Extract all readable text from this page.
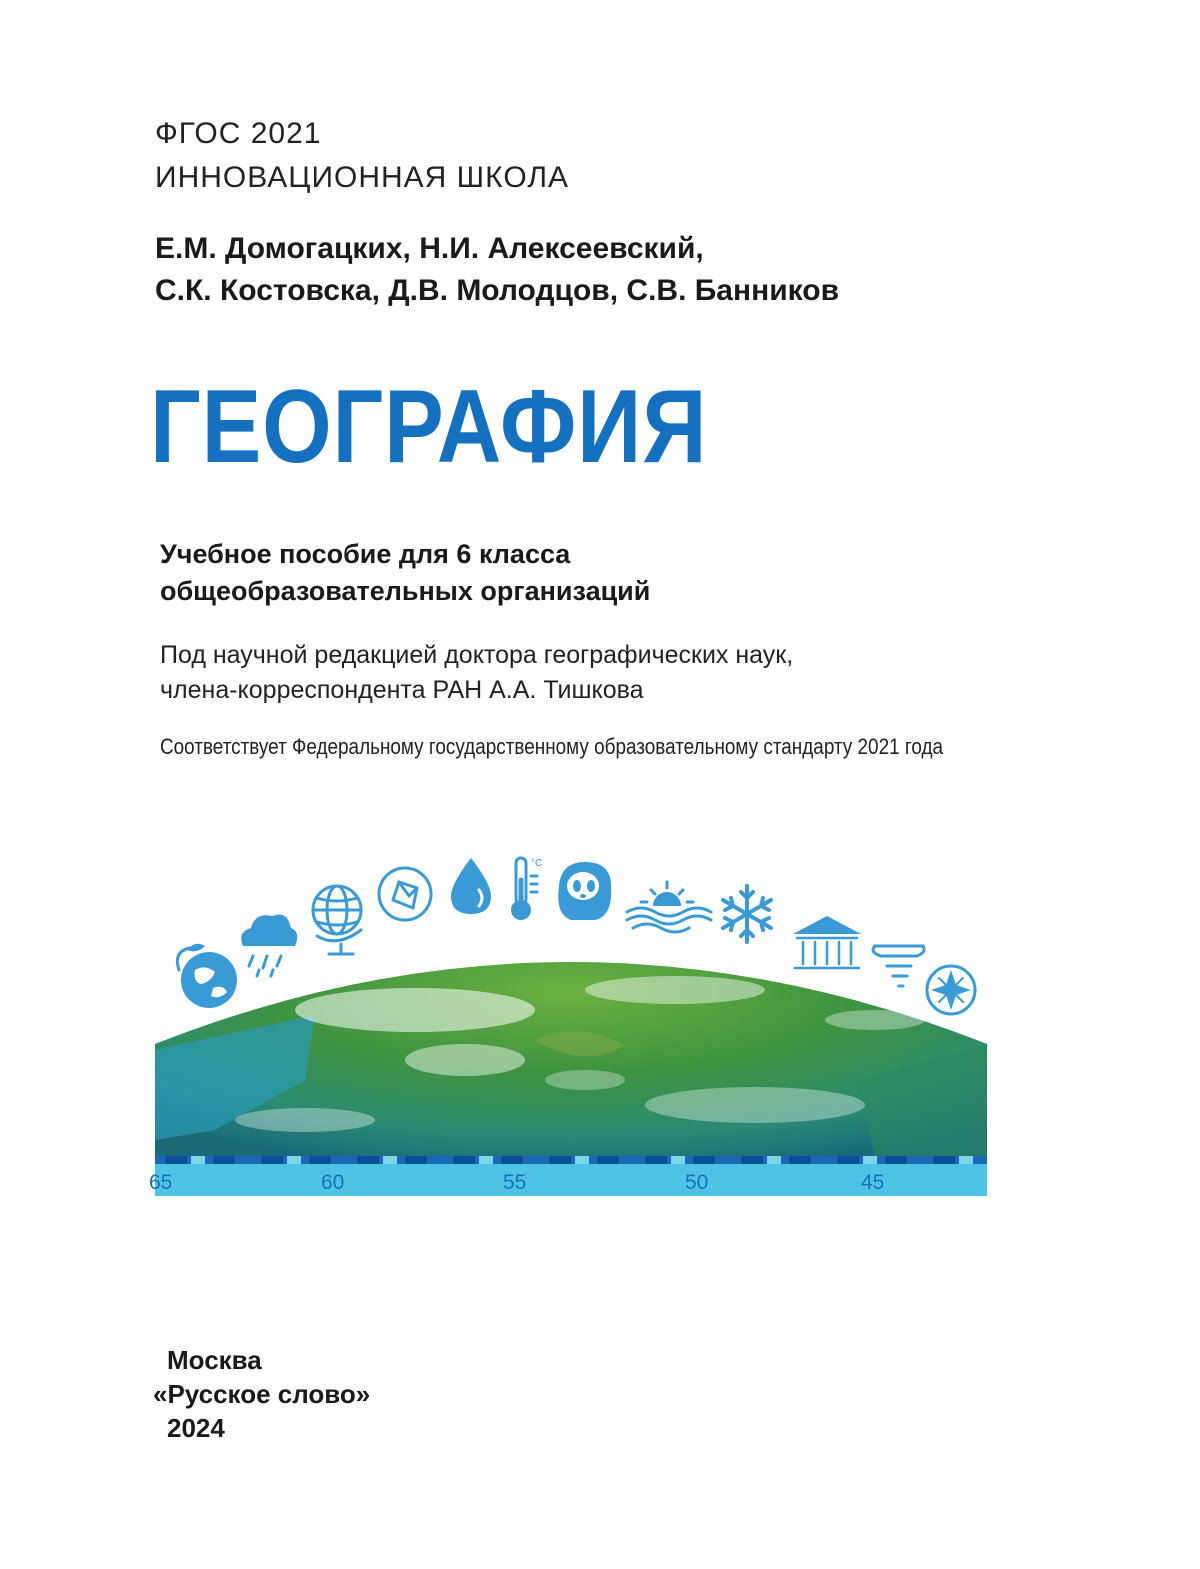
ФГОС 2021
ИННОВАЦИОННАЯ ШКОЛА
Е.М. Домогацких, Н.И. Алексеевский,
С.К. Костовска, Д.В. Молодцов, С.В. Банников
ГЕОГРАФИЯ
Учебное пособие для 6 класса
общеобразовательных организаций
Под научной редакцией доктора географических наук,
члена-корреспондента РАН А.А. Тишкова
Соответствует Федеральному государственному образовательному стандарту 2021 года
65	60	55	50	45
°C
Москва
«Русское слово»
2024
